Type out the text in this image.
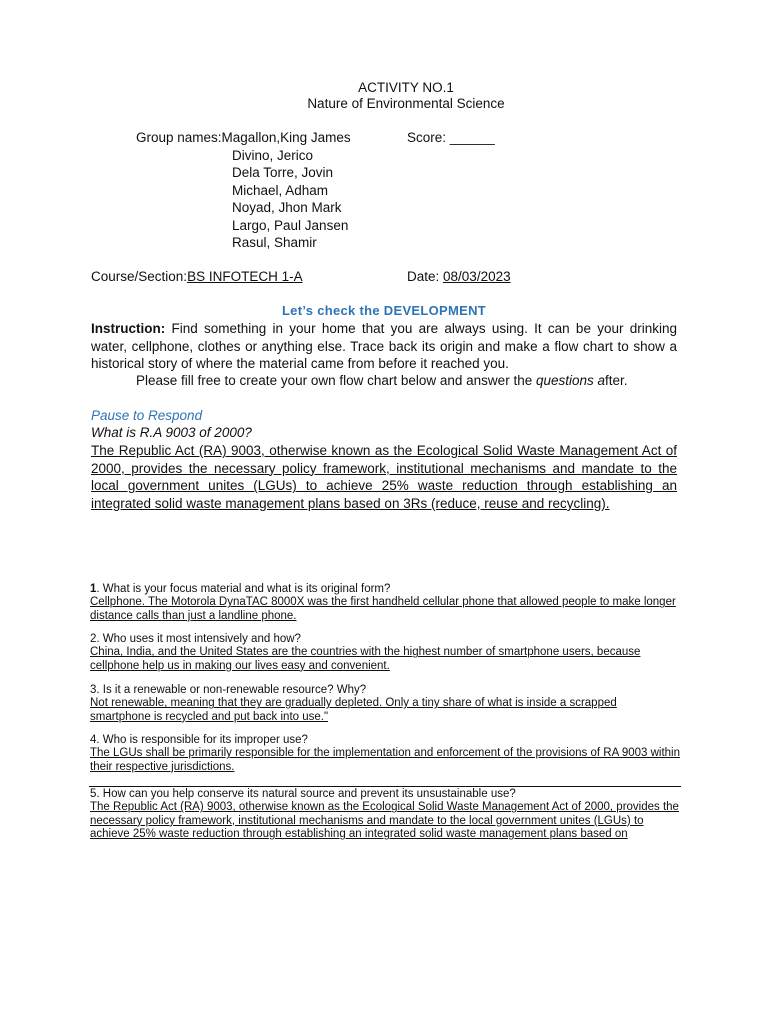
ACTIVITY NO.1
Nature of Environmental Science
Group names:Magallon,King James
Divino, Jerico
Dela Torre, Jovin
Michael, Adham
Noyad, Jhon Mark
Largo, Paul Jansen
Rasul, Shamir
Score: ______
Course/Section:BS INFOTECH 1-A	Date: 08/03/2023
Let’s check the DEVELOPMENT
Instruction: Find something in your home that you are always using. It can be your drinking water, cellphone, clothes or anything else. Trace back its origin and make a flow chart to show a historical story of where the material came from before it reached you.
Please fill free to create your own flow chart below and answer the questions after.
Pause to Respond
What is R.A 9003 of 2000?
The Republic Act (RA) 9003, otherwise known as the Ecological Solid Waste Management Act of 2000, provides the necessary policy framework, institutional mechanisms and mandate to the local government unites (LGUs) to achieve 25% waste reduction through establishing an integrated solid waste management plans based on 3Rs (reduce, reuse and recycling).
1. What is your focus material and what is its original form?
Cellphone. The Motorola DynaTAC 8000X was the first handheld cellular phone that allowed people to make longer distance calls than just a landline phone.
2. Who uses it most intensively and how?
China, India, and the United States are the countries with the highest number of smartphone users, because cellphone help us in making our lives easy and convenient.
3. Is it a renewable or non-renewable resource? Why?
Not renewable, meaning that they are gradually depleted. Only a tiny share of what is inside a scrapped smartphone is recycled and put back into use."
4. Who is responsible for its improper use?
The LGUs shall be primarily responsible for the implementation and enforcement of the provisions of RA 9003 within their respective jurisdictions.
5. How can you help conserve its natural source and prevent its unsustainable use?
The Republic Act (RA) 9003, otherwise known as the Ecological Solid Waste Management Act of 2000, provides the necessary policy framework, institutional mechanisms and mandate to the local government unites (LGUs) to achieve 25% waste reduction through establishing an integrated solid waste management plans based on
